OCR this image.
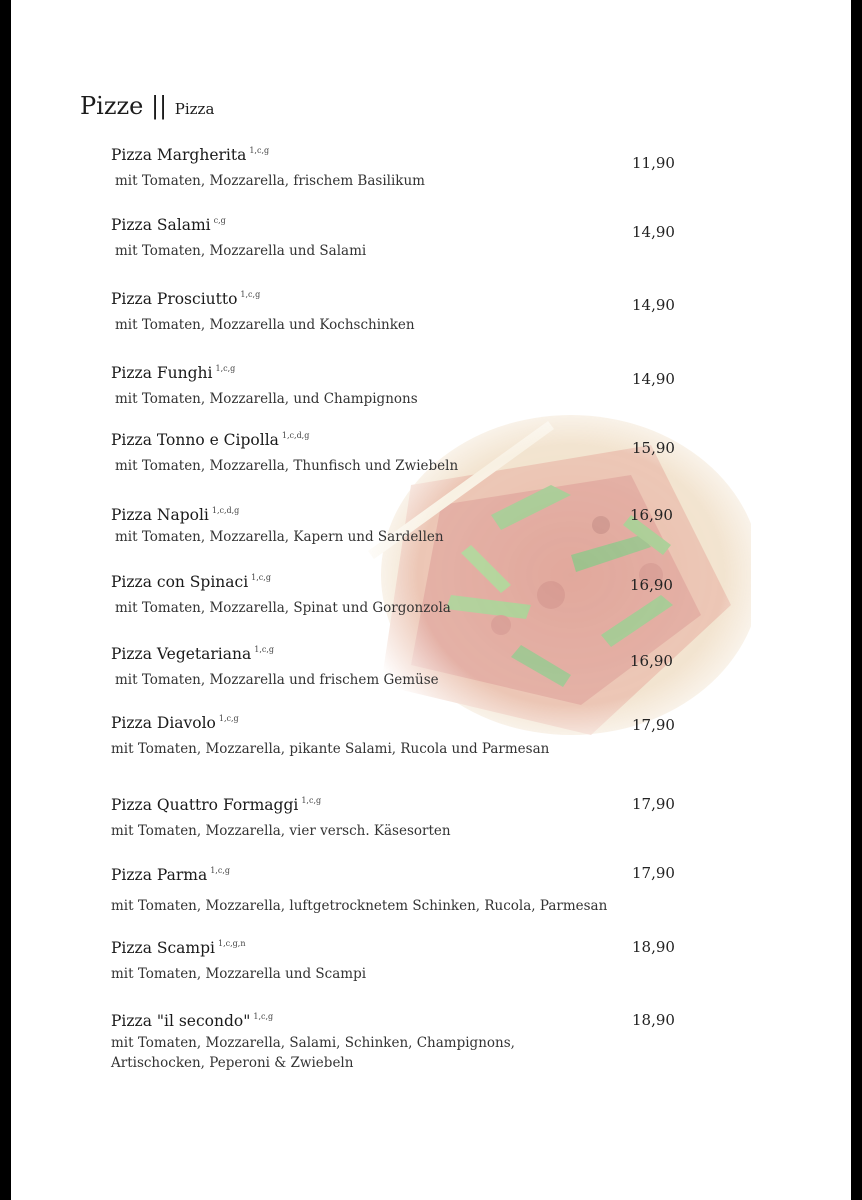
Pizze || Pizza
Pizza Margherita $^{1,c,g}$
mit Tomaten, Mozzarella, frischem Basilikum
11,90
Pizza Salami $^{c,g}$
mit Tomaten, Mozzarella und Salami
14,90
Pizza Prosciutto $^{1,c,g}$
mit Tomaten, Mozzarella und Kochschinken
14,90
Pizza Funghi $^{1,c,g}$
mit Tomaten, Mozzarella, und Champignons
14,90
Pizza Tonno e Cipolla $^{1,c,d,g}$
mit Tomaten, Mozzarella, Thunfisch und Zwiebeln
15,90
Pizza Napoli $^{1,c,d,g}$
mit Tomaten, Mozzarella, Kapern und Sardellen
16,90
Pizza con Spinaci $^{1,c,g}$
mit Tomaten, Mozzarella, Spinat und Gorgonzola
16,90
Pizza Vegetariana $^{1,c,g}$
mit Tomaten, Mozzarella und frischem Gemüse
16,90
Pizza Diavolo $^{1,c,g}$
mit Tomaten, Mozzarella, pikante Salami, Rucola und Parmesan
17,90
Pizza Quattro Formaggi $^{1,c,g}$
mit Tomaten, Mozzarella, vier versch. Käsesorten
17,90
Pizza Parma $^{1,c,g}$
mit Tomaten, Mozzarella, luftgetrocknetem Schinken, Rucola, Parmesan
17,90
Pizza Scampi $^{1,c,g,n}$
mit Tomaten, Mozzarella und Scampi
18,90
Pizza "il secondo" $^{1,c,g}$
mit Tomaten, Mozzarella, Salami, Schinken, Champignons,
Artischocken, Peperoni & Zwiebeln
18,90
